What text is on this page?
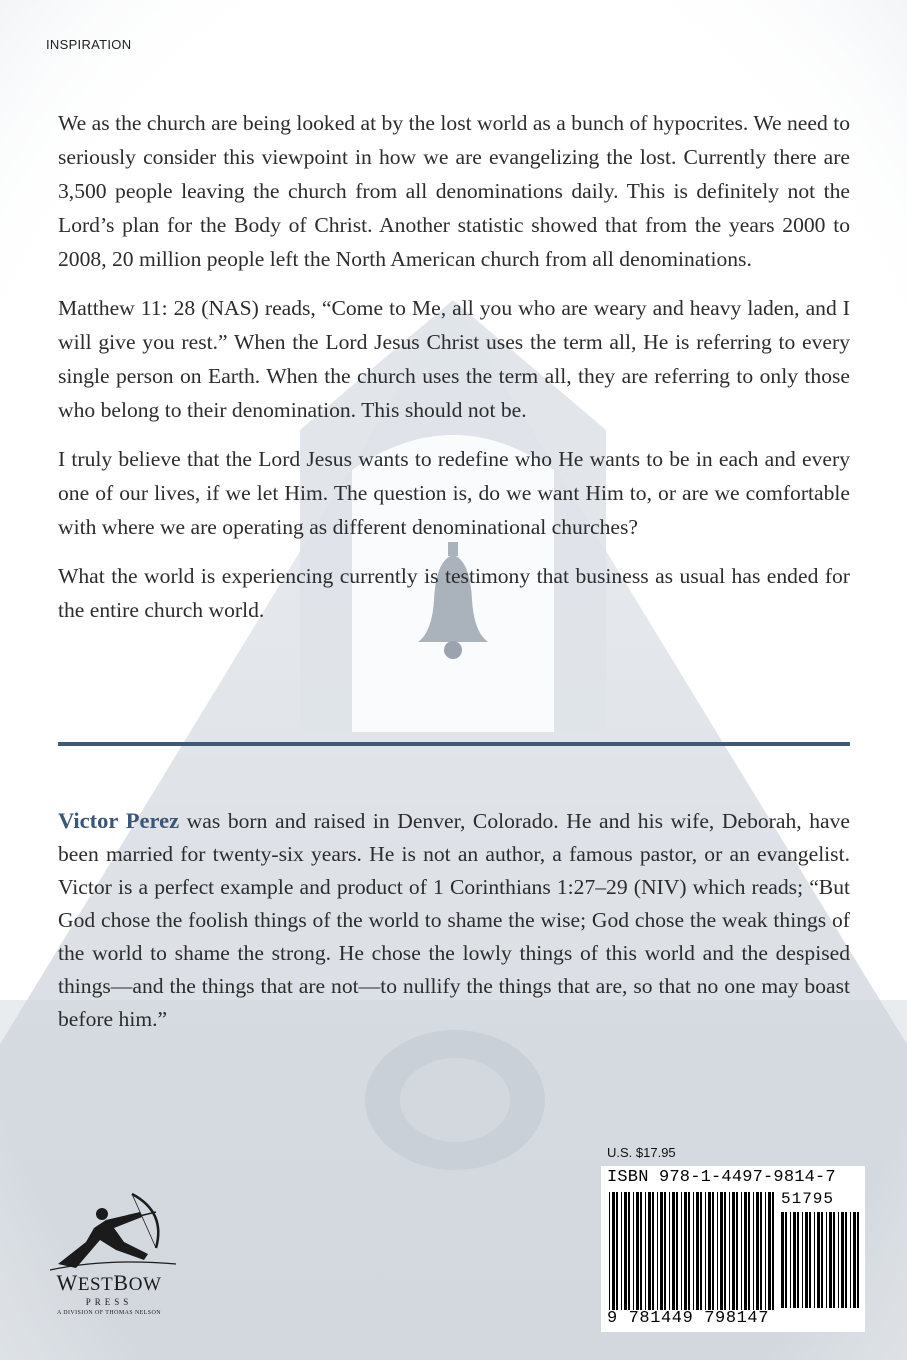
INSPIRATION

We as the church are being looked at by the lost world as a bunch of hypocrites. We need to seriously consider this viewpoint in how we are evangelizing the lost. Currently there are 3,500 people leaving the church from all denominations daily. This is definitely not the Lord’s plan for the Body of Christ. Another statistic showed that from the years 2000 to 2008, 20 million people left the North American church from all denominations.

Matthew 11: 28 (NAS) reads, “Come to Me, all you who are weary and heavy laden, and I will give you rest.” When the Lord Jesus Christ uses the term all, He is referring to every single person on Earth. When the church uses the term all, they are referring to only those who belong to their denomination. This should not be.

I truly believe that the Lord Jesus wants to redefine who He wants to be in each and every one of our lives, if we let Him. The question is, do we want Him to, or are we comfortable with where we are operating as different denominational churches?

What the world is experiencing currently is testimony that business as usual has ended for the entire church world.

Victor Perez was born and raised in Denver, Colorado. He and his wife, Deborah, have been married for twenty-six years. He is not an author, a famous pastor, or an evangelist. Victor is a perfect example and product of 1 Corinthians 1:27–29 (NIV) which reads; “But God chose the foolish things of the world to shame the wise; God chose the weak things of the world to shame the strong. He chose the lowly things of this world and the despised things—and the things that are not—to nullify the things that are, so that no one may boast before him.”

WESTBOW
PRESS
A DIVISION OF THOMAS NELSON
U.S. $17.95
ISBN 978-1-4497-9814-7
51795
9 781449 798147
